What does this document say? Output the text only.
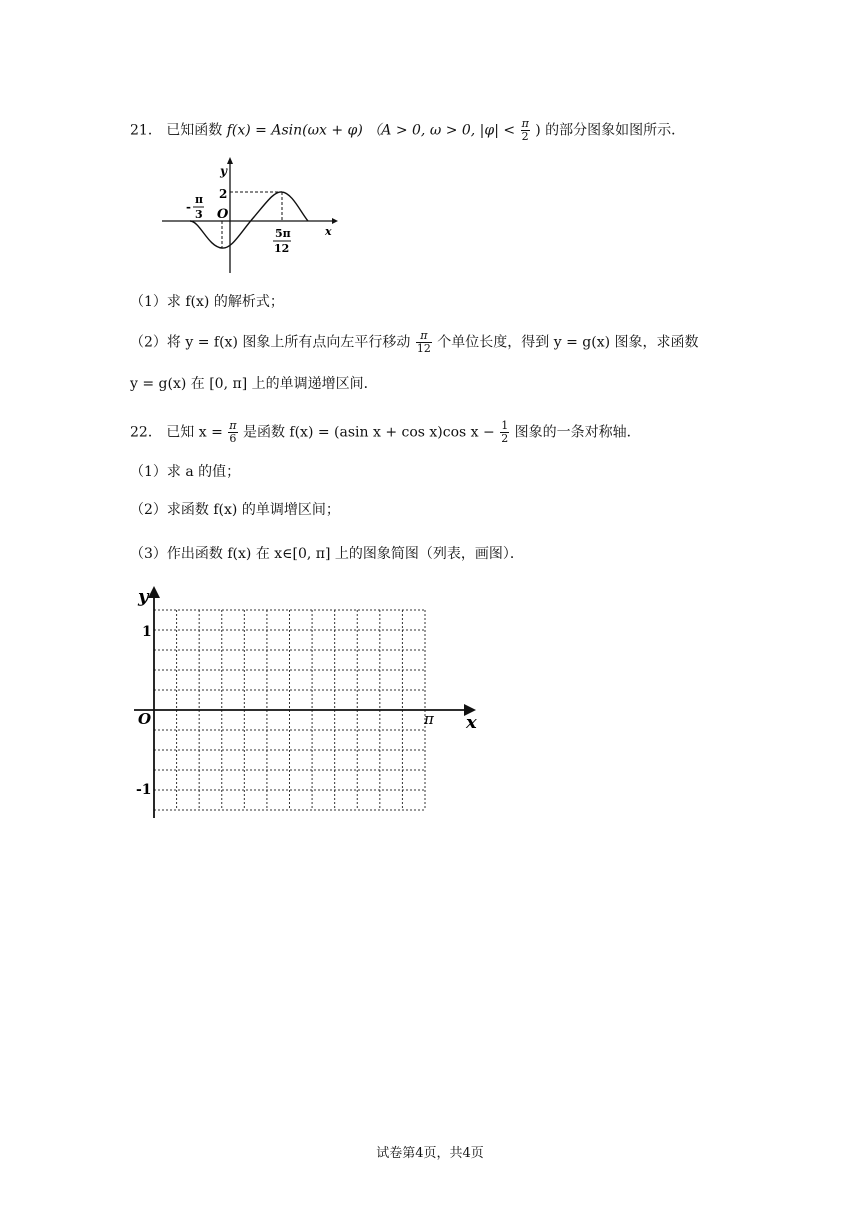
21． 已知函数 f(x) = Asin(ωx + φ) （A > 0, ω > 0, $|\varphi| < \frac{\pi}{2}$ ) 的部分图象如图所示．
y
x
O
2
-
π
3
5π
12
（1）求 f(x) 的解析式；
（2）将 y = f(x) 图象上所有点向左平行移动 $\frac{\pi}{12}$ 个单位长度，得到 y = g(x) 图象，求函数
y = g(x) 在 [0, π] 上的单调递增区间．
22． 已知 $x = \frac{\pi}{6}$ 是函数 f(x) = (asin x + cos x)cos $x - \frac{1}{2}$ 图象的一条对称轴．
（1）求 a 的值；
（2）求函数 f(x) 的单调增区间；
（3）作出函数 f(x) 在 x∈[0, π] 上的图象简图（列表，画图）．
y
x
O
1
-1
π
试卷第4页，共4页
